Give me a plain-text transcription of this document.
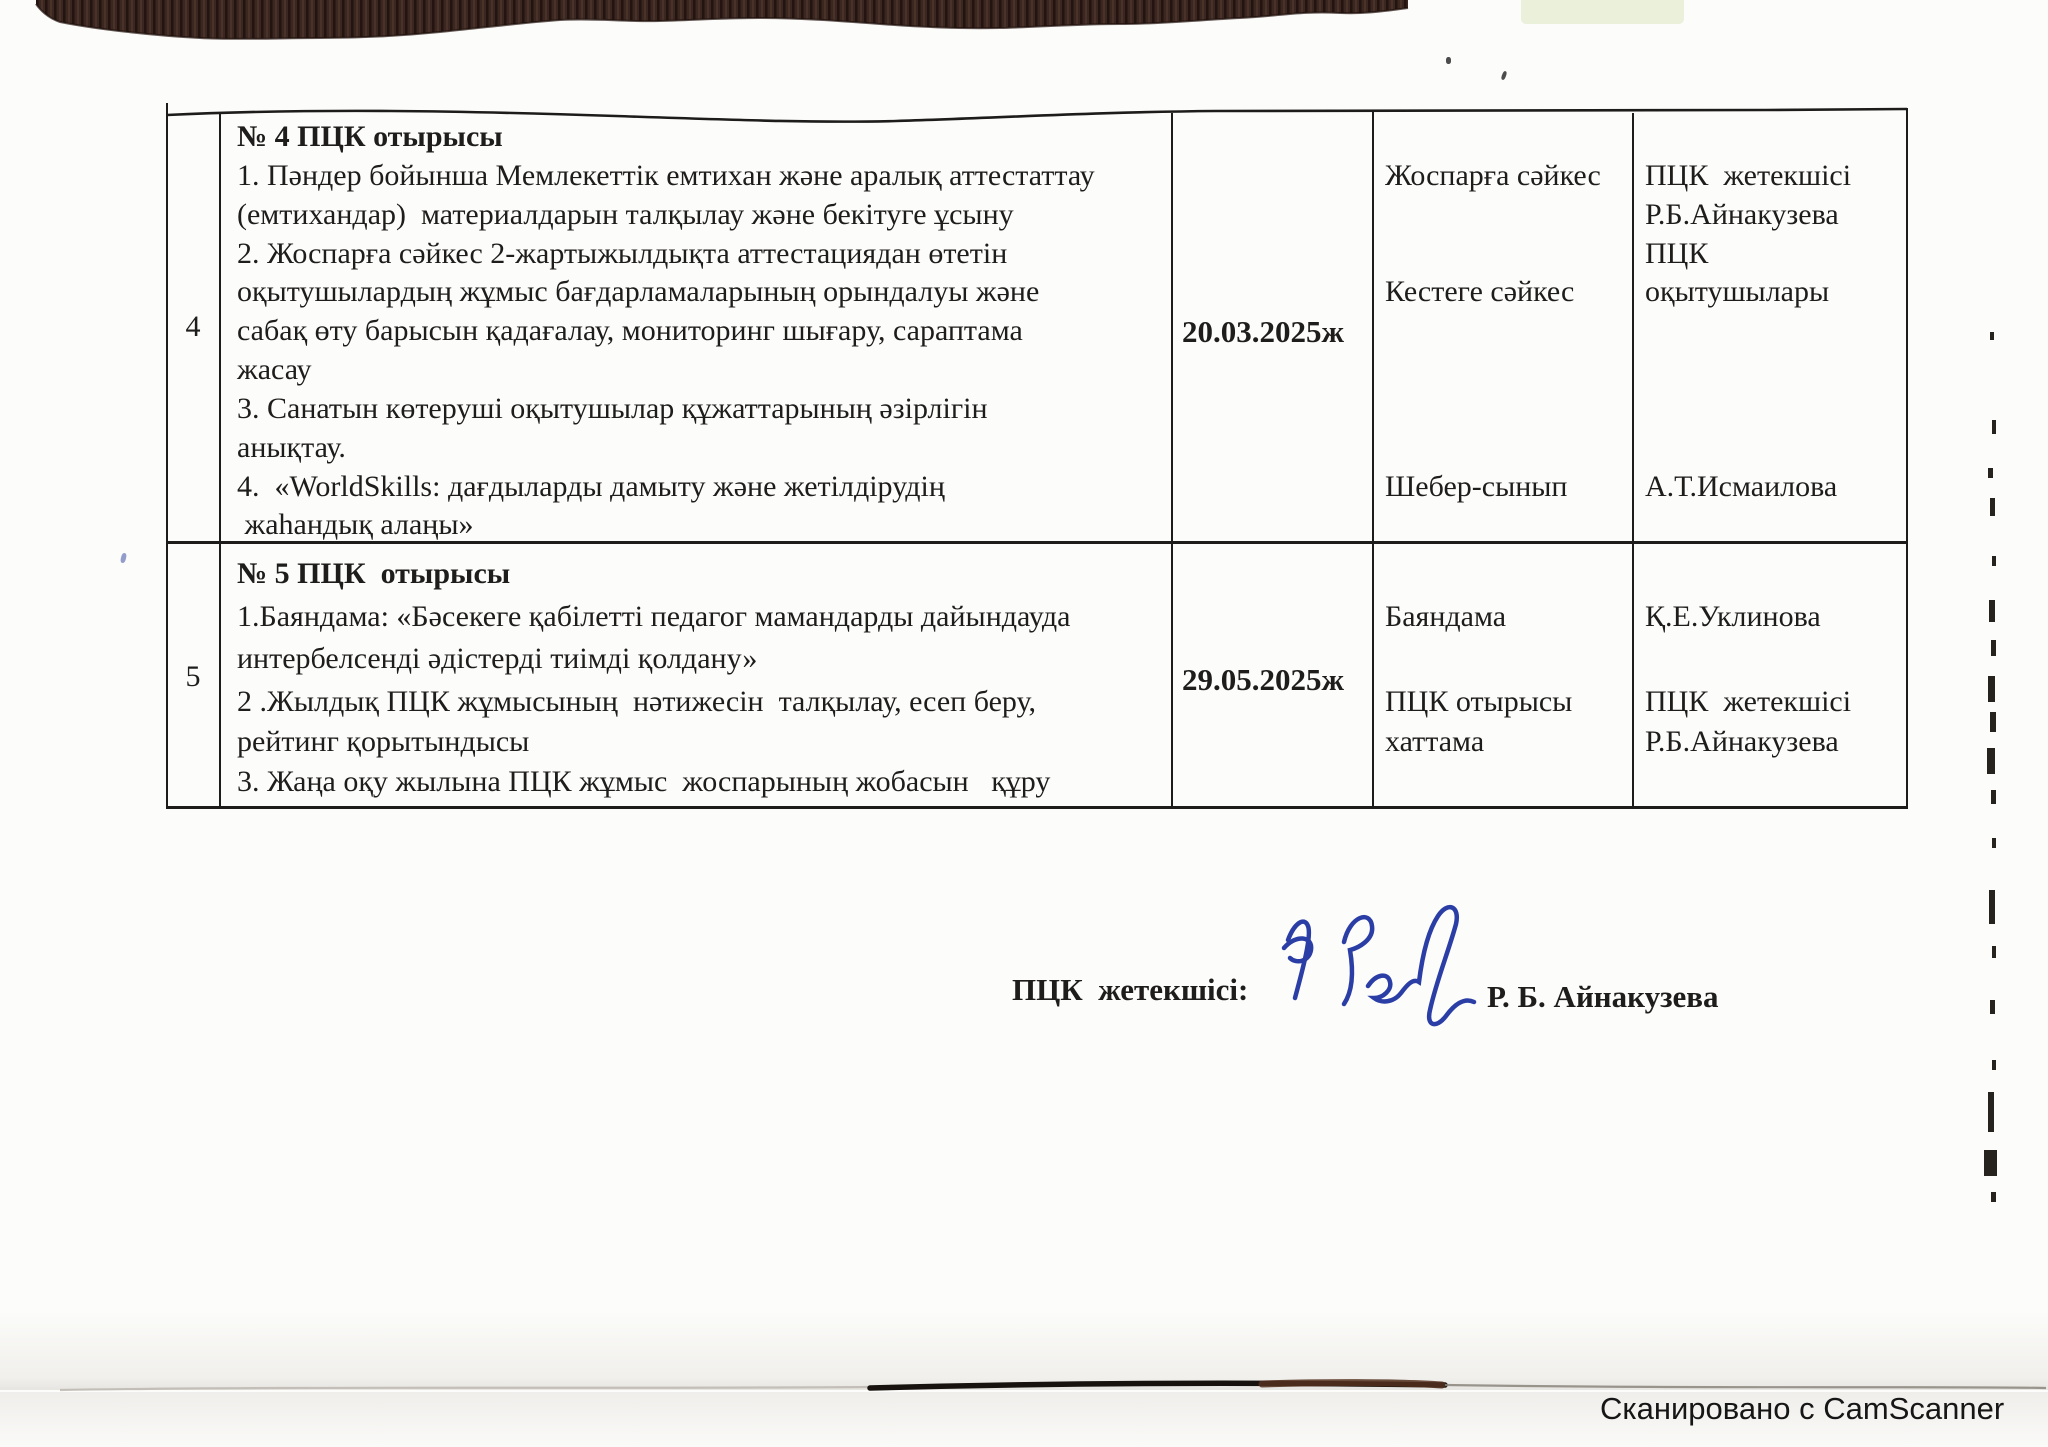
4
№ 4 ПЦК отырысы
1. Пәндер бойынша Мемлекеттік емтихан және аралық аттестаттау
(емтихандар)  материалдарын талқылау және бекітуге ұсыну
2. Жоспарға сәйкес 2-жартыжылдықта аттестациядан өтетін
оқытушылардың жұмыс бағдарламаларының орындалуы және
сабақ өту барысын қадағалау, мониторинг шығару, сараптама
жасау
3. Санатын көтеруші оқытушылар құжаттарының әзірлігін
анықтау.
4.  «WorldSkills: дағдыларды дамыту және жетілдірудің
жаһандық алаңы»
20.03.2025ж
Жоспарға сәйкес
Кестеге сәйкес
Шебер-сынып
ПЦК  жетекшісі
Р.Б.Айнакузева
ПЦК
оқытушылары
А.Т.Исмаилова
5
№ 5 ПЦК  отырысы
1.Баяндама: «Бәсекеге қабілетті педагог мамандарды дайындауда
интербелсенді әдістерді тиімді қолдану»
2 .Жылдық ПЦК жұмысының  нәтижесін  талқылау, есеп беру,
рейтинг қорытындысы
3. Жаңа оқу жылына ПЦК жұмыс  жоспарының жобасын   құру
29.05.2025ж
Баяндама
ПЦК отырысы
хаттама
Қ.Е.Уклинова
ПЦК  жетекшісі
Р.Б.Айнакузева
ПЦК  жетекшісі:	Р. Б. Айнакузева
Сканировано с CamScanner
